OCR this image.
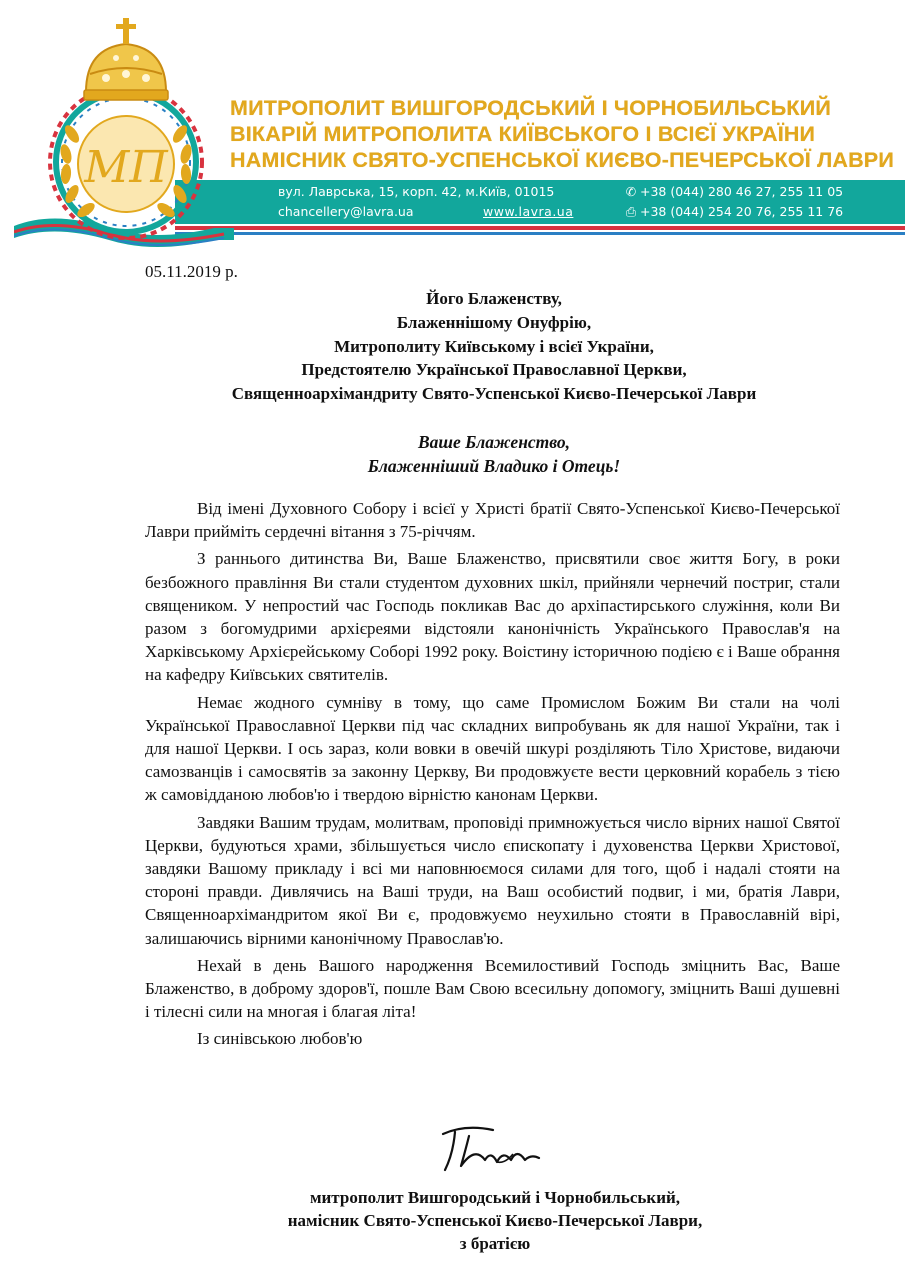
МП
МИТРОПОЛИТ ВИШГОРОДСЬКИЙ І ЧОРНОБИЛЬСЬКИЙ
ВІКАРІЙ МИТРОПОЛИТА КИЇВСЬКОГО І ВСІЄЇ УКРАЇНИ
НАМІСНИК СВЯТО-УСПЕНСЬКОЇ КИЄВО-ПЕЧЕРСЬКОЇ ЛАВРИ
вул. Лаврська, 15, корп. 42, м.Київ, 01015
chancellery@lavra.ua	www.lavra.ua
✆ +38 (044) 280 46 27, 255 11 05
⎙ +38 (044) 254 20 76, 255 11 76
05.11.2019 р.
Його Блаженству,
Блаженнішому Онуфрію,
Митрополиту Київському і всієї України,
Предстоятелю Української Православної Церкви,
Священноархімандриту Свято-Успенської Києво-Печерської Лаври
Ваше Блаженство,
Блаженніший Владико і Отець!

Від імені Духовного Собору і всієї у Христі братії Свято-Успенської Києво-Печерської Лаври прийміть сердечні вітання з 75-річчям.

З раннього дитинства Ви, Ваше Блаженство, присвятили своє життя Богу, в роки безбожного правління Ви стали студентом духовних шкіл, прийняли чернечий постриг, стали священиком. У непростий час Господь покликав Вас до архіпастирського служіння, коли Ви разом з богомудрими архієреями відстояли канонічність Українського Православ'я на Харківському Архієрейському Соборі 1992 року. Воістину історичною подією є і Ваше обрання на кафедру Київських святителів.

Немає жодного сумніву в тому, що саме Промислом Божим Ви стали на чолі Української Православної Церкви під час складних випробувань як для нашої України, так і для нашої Церкви. І ось зараз, коли вовки в овечій шкурі розділяють Тіло Христове, видаючи самозванців і самосвятів за законну Церкву, Ви продовжуєте вести церковний корабель з тією ж самовідданою любов'ю і твердою вірністю канонам Церкви.

Завдяки Вашим трудам, молитвам, проповіді примножується число вірних нашої Святої Церкви, будуються храми, збільшується число єпископату і духовенства Церкви Христової, завдяки Вашому прикладу і всі ми наповнюємося силами для того, щоб і надалі стояти на стороні правди. Дивлячись на Ваші труди, на Ваш особистий подвиг, і ми, братія Лаври, Священноархімандритом якої Ви є, продовжуємо неухильно стояти в Православній вірі, залишаючись вірними канонічному Православ'ю.

Нехай в день Вашого народження Всемилостивий Господь зміцнить Вас, Ваше Блаженство, в доброму здоров'ї, пошле Вам Свою всесильну допомогу, зміцнить Ваші душевні і тілесні сили на многая і благая літа!

Із синівською любов'ю

митрополит Вишгородський і Чорнобильський,
намісник Свято-Успенської Києво-Печерської Лаври,
з братією
